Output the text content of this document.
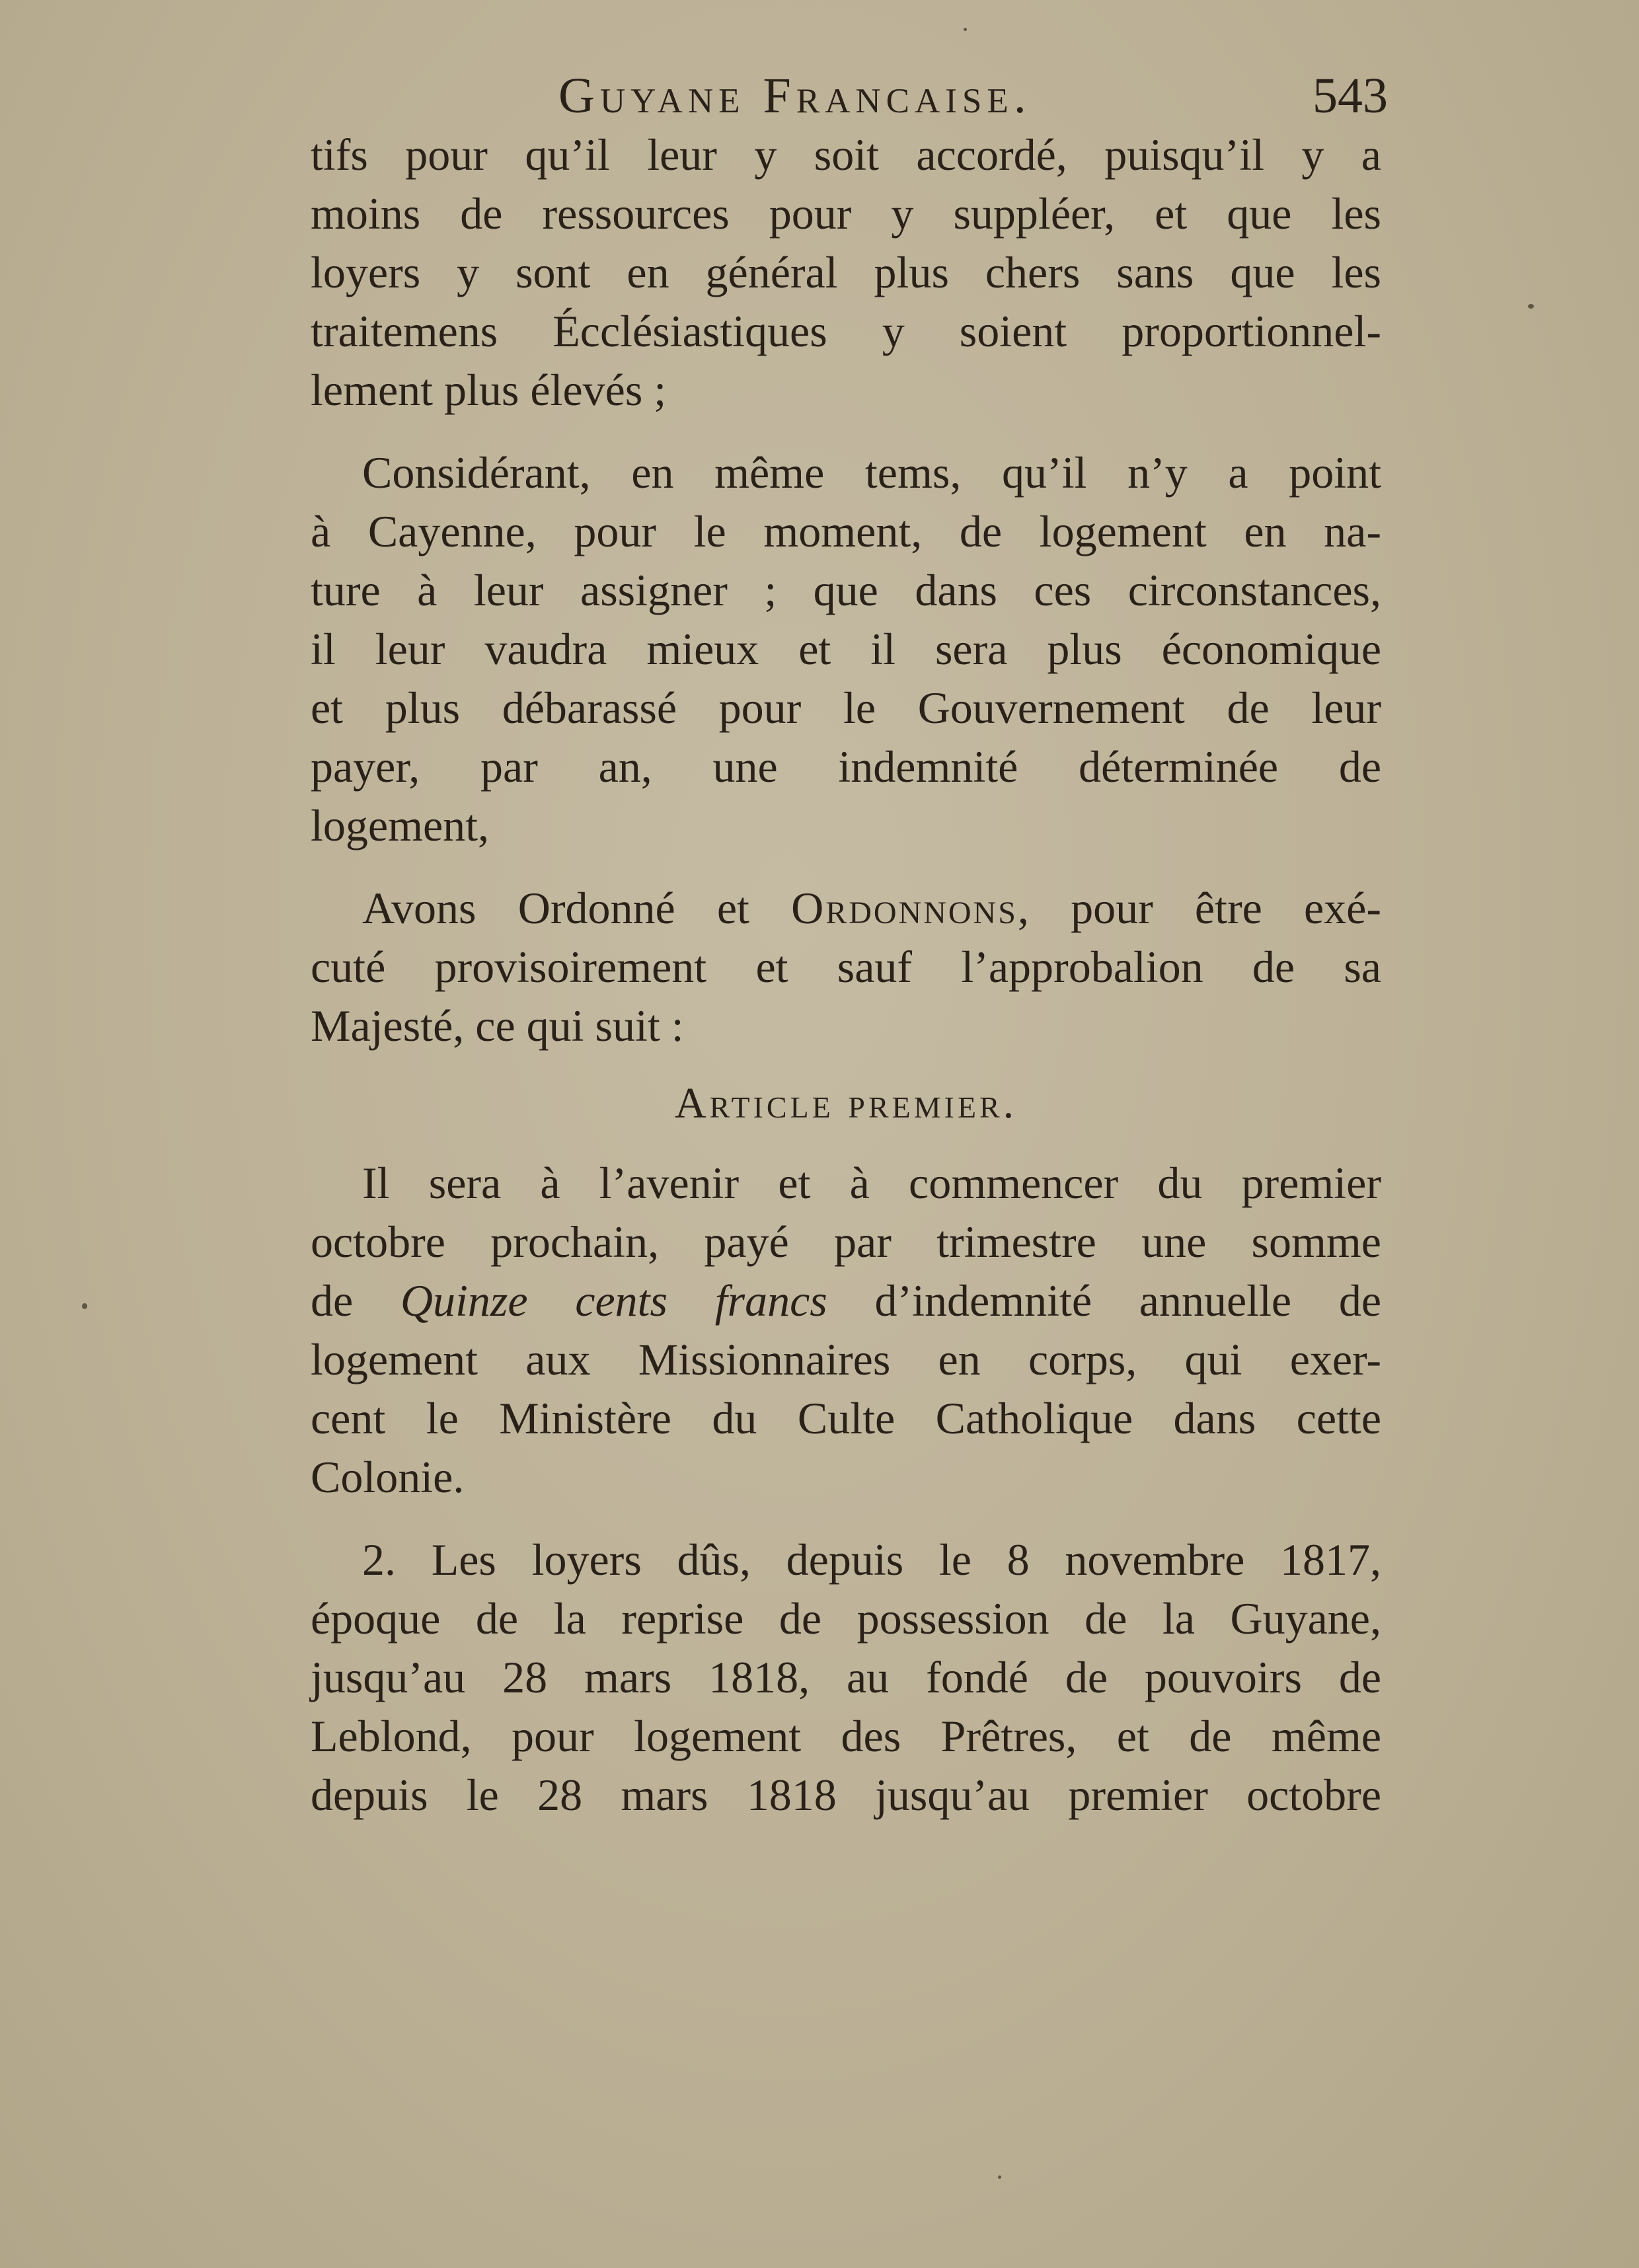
Guyane Francaise.	543
tifs pour qu’il leur y soit accordé, puisqu’il y a
moins de ressources pour y suppléer, et que les
loyers y sont en général plus chers sans que les
traitemens Écclésiastiques y soient proportionnel-
lement plus élevés ;
Considérant, en même tems, qu’il n’y a point
à Cayenne, pour le moment, de logement en na-
ture à leur assigner ; que dans ces circonstances,
il leur vaudra mieux et il sera plus économique
et plus débarassé pour le Gouvernement de leur
payer, par an, une indemnité déterminée de
logement,
Avons Ordonné et Ordonnons, pour être exé-
cuté provisoirement et sauf l’approbalion de sa
Majesté, ce qui suit :
Article premier.
Il sera à l’avenir et à commencer du premier
octobre prochain, payé par trimestre une somme
de Quinze cents francs d’indemnité annuelle de
logement aux Missionnaires en corps, qui exer-
cent le Ministère du Culte Catholique dans cette
Colonie.
2. Les loyers dûs, depuis le 8 novembre 1817,
époque de la reprise de possession de la Guyane,
jusqu’au 28 mars 1818, au fondé de pouvoirs de
Leblond, pour logement des Prêtres, et de même
depuis le 28 mars 1818 jusqu’au premier octobre
